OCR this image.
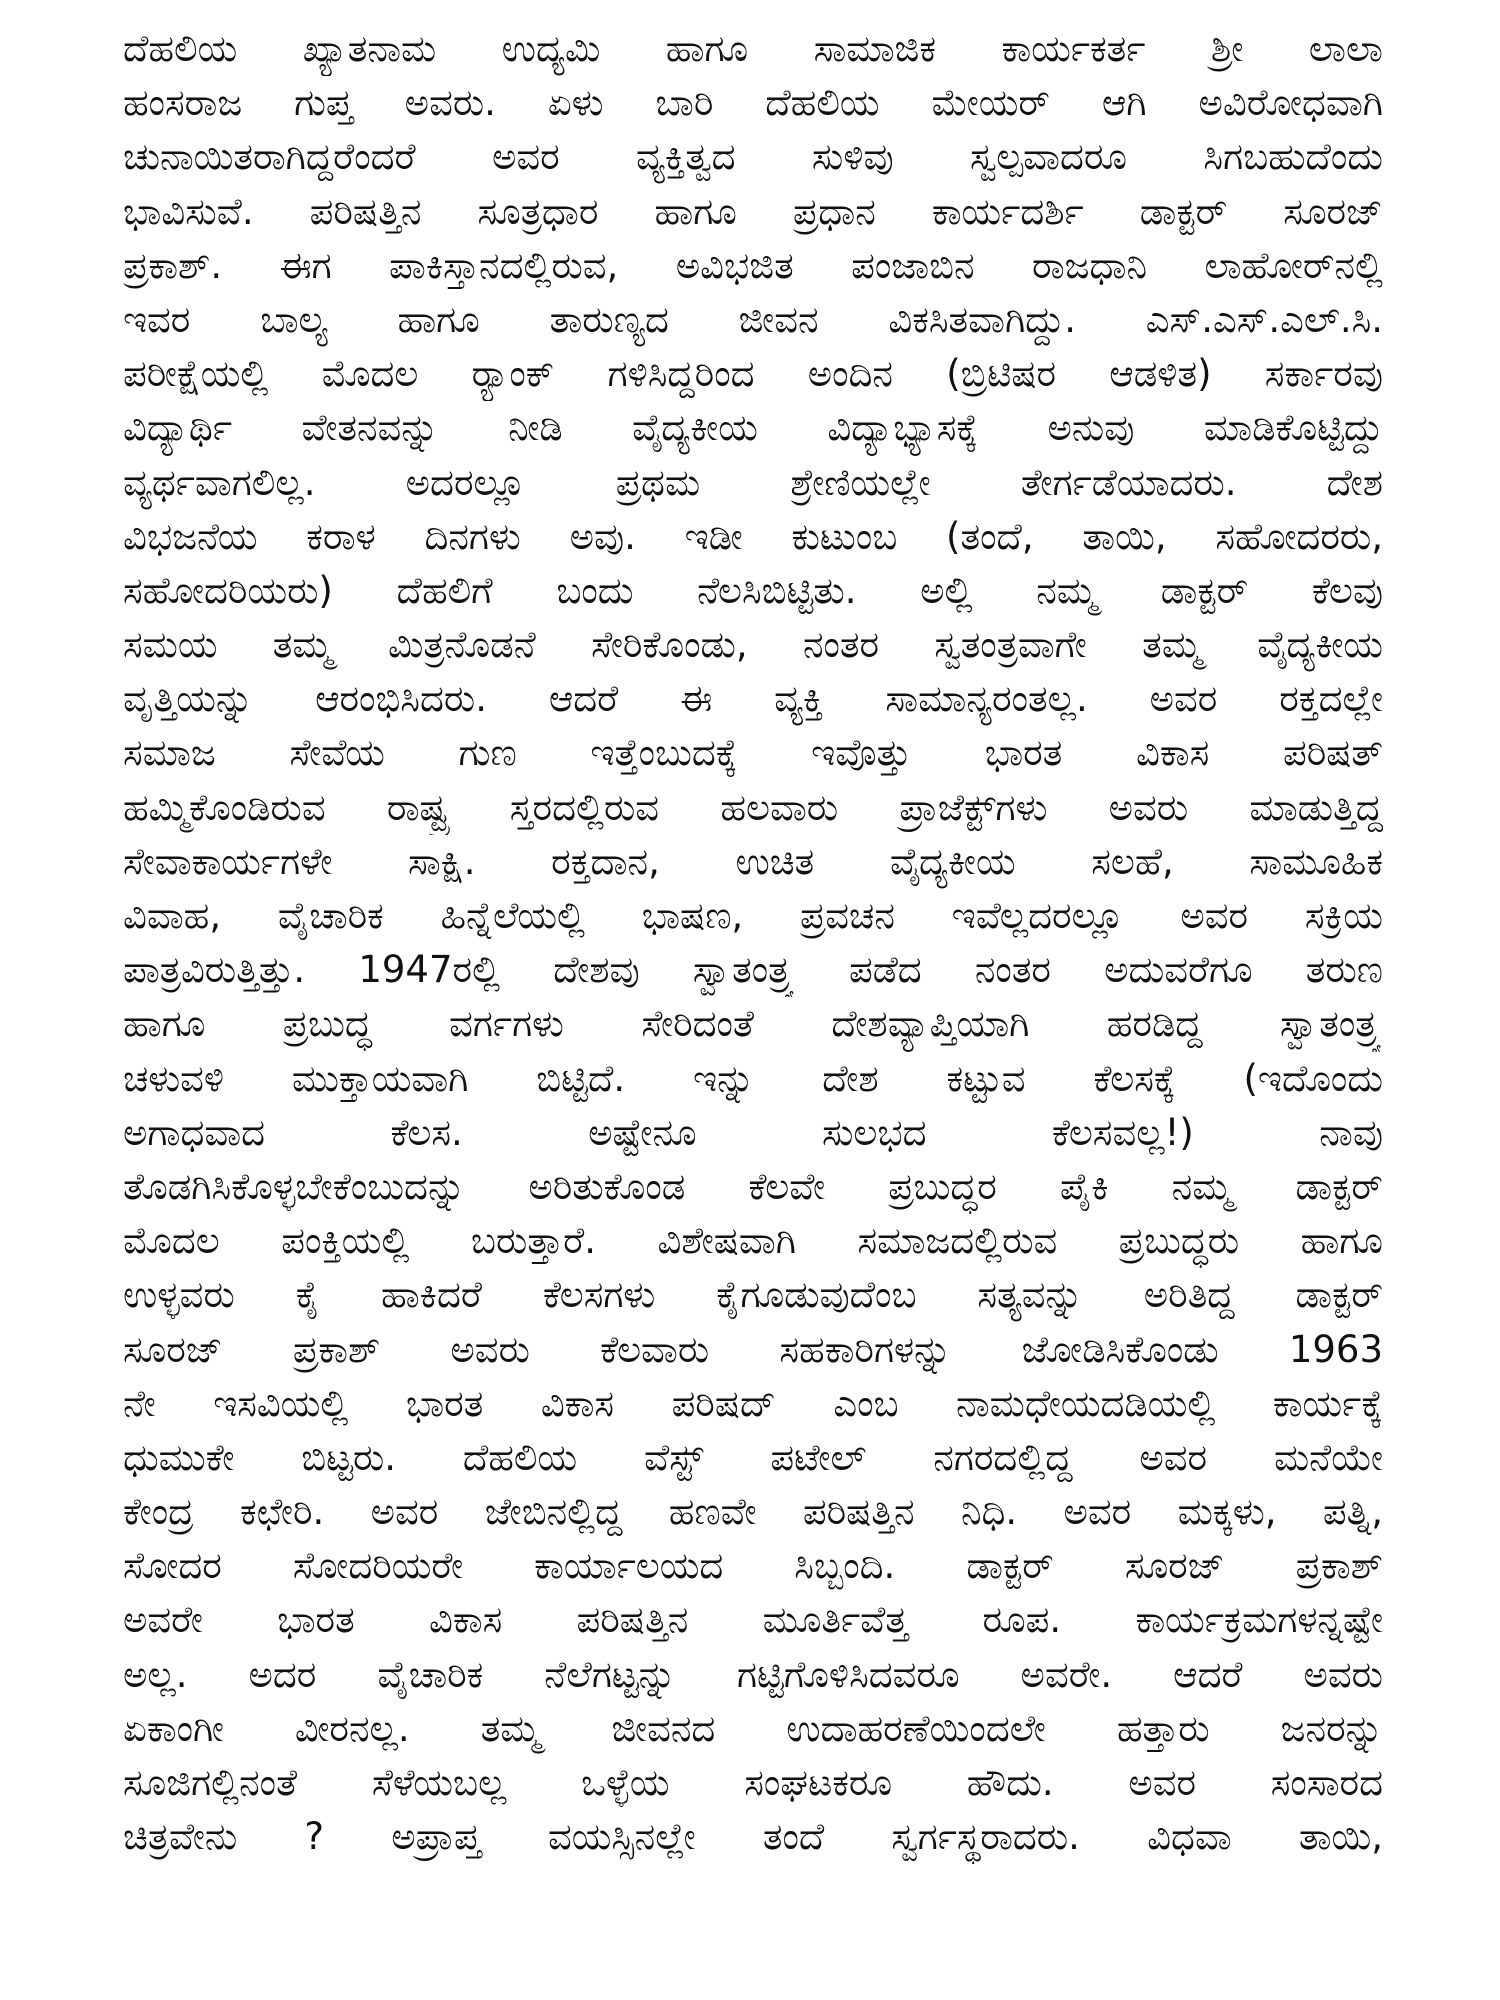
ದೆಹಲಿಯ ಖ್ಯಾತನಾಮ ಉದ್ಯಮಿ ಹಾಗೂ ಸಾಮಾಜಿಕ ಕಾರ್ಯಕರ್ತ ಶ್ರೀ ಲಾಲಾ
ಹಂಸರಾಜ ಗುಪ್ತ ಅವರು. ಏಳು ಬಾರಿ ದೆಹಲಿಯ ಮೇಯರ್ ಆಗಿ ಅವಿರೋಧವಾಗಿ
ಚುನಾಯಿತರಾಗಿದ್ದರೆಂದರೆ ಅವರ ವ್ಯಕ್ತಿತ್ವದ ಸುಳಿವು ಸ್ವಲ್ಪವಾದರೂ ಸಿಗಬಹುದೆಂದು
ಭಾವಿಸುವೆ. ಪರಿಷತ್ತಿನ ಸೂತ್ರಧಾರ ಹಾಗೂ ಪ್ರಧಾನ ಕಾರ್ಯದರ್ಶಿ ಡಾಕ್ಟರ್ ಸೂರಜ್
ಪ್ರಕಾಶ್. ಈಗ ಪಾಕಿಸ್ತಾನದಲ್ಲಿರುವ, ಅವಿಭಜಿತ ಪಂಜಾಬಿನ ರಾಜಧಾನಿ ಲಾಹೋರ್‌ನಲ್ಲಿ
ಇವರ ಬಾಲ್ಯ ಹಾಗೂ ತಾರುಣ್ಯದ ಜೀವನ ವಿಕಸಿತವಾಗಿದ್ದು. ಎಸ್.ಎಸ್.ಎಲ್.ಸಿ.
ಪರೀಕ್ಷೆಯಲ್ಲಿ ಮೊದಲ ರ‍್ಯಾಂಕ್ ಗಳಿಸಿದ್ದರಿಂದ ಅಂದಿನ (ಬ್ರಿಟಿಷರ ಆಡಳಿತ) ಸರ್ಕಾರವು
ವಿದ್ಯಾರ್ಥಿ ವೇತನವನ್ನು ನೀಡಿ ವೈದ್ಯಕೀಯ ವಿದ್ಯಾಭ್ಯಾಸಕ್ಕೆ ಅನುವು ಮಾಡಿಕೊಟ್ಟಿದ್ದು
ವ್ಯರ್ಥವಾಗಲಿಲ್ಲ. ಅದರಲ್ಲೂ ಪ್ರಥಮ ಶ್ರೇಣಿಯಲ್ಲೇ ತೇರ್ಗಡೆಯಾದರು. ದೇಶ
ವಿಭಜನೆಯ ಕರಾಳ ದಿನಗಳು ಅವು. ಇಡೀ ಕುಟುಂಬ (ತಂದೆ, ತಾಯಿ, ಸಹೋದರರು,
ಸಹೋದರಿಯರು) ದೆಹಲಿಗೆ ಬಂದು ನೆಲಸಿಬಿಟ್ಟಿತು. ಅಲ್ಲಿ ನಮ್ಮ ಡಾಕ್ಟರ್ ಕೆಲವು
ಸಮಯ ತಮ್ಮ ಮಿತ್ರನೊಡನೆ ಸೇರಿಕೊಂಡು, ನಂತರ ಸ್ವತಂತ್ರವಾಗೇ ತಮ್ಮ ವೈದ್ಯಕೀಯ
ವೃತ್ತಿಯನ್ನು ಆರಂಭಿಸಿದರು. ಆದರೆ ಈ ವ್ಯಕ್ತಿ ಸಾಮಾನ್ಯರಂತಲ್ಲ. ಅವರ ರಕ್ತದಲ್ಲೇ
ಸಮಾಜ ಸೇವೆಯ ಗುಣ ಇತ್ತೆಂಬುದಕ್ಕೆ ಇವೊತ್ತು ಭಾರತ ವಿಕಾಸ ಪರಿಷತ್
ಹಮ್ಮಿಕೊಂಡಿರುವ ರಾಷ್ಟ್ರ ಸ್ತರದಲ್ಲಿರುವ ಹಲವಾರು ಪ್ರಾಜೆಕ್ಟ್‌ಗಳು ಅವರು ಮಾಡುತ್ತಿದ್ದ
ಸೇವಾಕಾರ್ಯಗಳೇ ಸಾಕ್ಷಿ. ರಕ್ತದಾನ, ಉಚಿತ ವೈದ್ಯಕೀಯ ಸಲಹೆ, ಸಾಮೂಹಿಕ
ವಿವಾಹ, ವೈಚಾರಿಕ ಹಿನ್ನೆಲೆಯಲ್ಲಿ ಭಾಷಣ, ಪ್ರವಚನ ಇವೆಲ್ಲದರಲ್ಲೂ ಅವರ ಸಕ್ರಿಯ
ಪಾತ್ರವಿರುತ್ತಿತ್ತು. 1947ರಲ್ಲಿ ದೇಶವು ಸ್ವಾತಂತ್ರ್ಯ ಪಡೆದ ನಂತರ ಅದುವರೆಗೂ ತರುಣ
ಹಾಗೂ ಪ್ರಬುದ್ಧ ವರ್ಗಗಳು ಸೇರಿದಂತೆ ದೇಶವ್ಯಾಪ್ತಿಯಾಗಿ ಹರಡಿದ್ದ ಸ್ವಾತಂತ್ರ್ಯ
ಚಳುವಳಿ ಮುಕ್ತಾಯವಾಗಿ ಬಿಟ್ಟಿದೆ. ಇನ್ನು ದೇಶ ಕಟ್ಟುವ ಕೆಲಸಕ್ಕೆ (ಇದೊಂದು
ಅಗಾಧವಾದ ಕೆಲಸ. ಅಷ್ಟೇನೂ ಸುಲಭದ ಕೆಲಸವಲ್ಲ!) ನಾವು
ತೊಡಗಿಸಿಕೊಳ್ಳಬೇಕೆಂಬುದನ್ನು ಅರಿತುಕೊಂಡ ಕೆಲವೇ ಪ್ರಬುದ್ಧರ ಪೈಕಿ ನಮ್ಮ ಡಾಕ್ಟರ್
ಮೊದಲ ಪಂಕ್ತಿಯಲ್ಲಿ ಬರುತ್ತಾರೆ. ವಿಶೇಷವಾಗಿ ಸಮಾಜದಲ್ಲಿರುವ ಪ್ರಬುದ್ಧರು ಹಾಗೂ
ಉಳ್ಳವರು ಕೈ ಹಾಕಿದರೆ ಕೆಲಸಗಳು ಕೈಗೂಡುವುದೆಂಬ ಸತ್ಯವನ್ನು ಅರಿತಿದ್ದ ಡಾಕ್ಟರ್
ಸೂರಜ್ ಪ್ರಕಾಶ್ ಅವರು ಕೆಲವಾರು ಸಹಕಾರಿಗಳನ್ನು ಜೋಡಿಸಿಕೊಂಡು 1963
ನೇ ಇಸವಿಯಲ್ಲಿ ಭಾರತ ವಿಕಾಸ ಪರಿಷದ್ ಎಂಬ ನಾಮಧೇಯದಡಿಯಲ್ಲಿ ಕಾರ್ಯಕ್ಕೆ
ಧುಮುಕೇ ಬಿಟ್ಟರು. ದೆಹಲಿಯ ವೆಸ್ಟ್ ಪಟೇಲ್ ನಗರದಲ್ಲಿದ್ದ ಅವರ ಮನೆಯೇ
ಕೇಂದ್ರ ಕಛೇರಿ. ಅವರ ಜೇಬಿನಲ್ಲಿದ್ದ ಹಣವೇ ಪರಿಷತ್ತಿನ ನಿಧಿ. ಅವರ ಮಕ್ಕಳು, ಪತ್ನಿ,
ಸೋದರ ಸೋದರಿಯರೇ ಕಾರ್ಯಾಲಯದ ಸಿಬ್ಬಂದಿ. ಡಾಕ್ಟರ್ ಸೂರಜ್ ಪ್ರಕಾಶ್
ಅವರೇ ಭಾರತ ವಿಕಾಸ ಪರಿಷತ್ತಿನ ಮೂರ್ತಿವೆತ್ತ ರೂಪ. ಕಾರ್ಯಕ್ರಮಗಳನ್ನಷ್ಟೇ
ಅಲ್ಲ. ಅದರ ವೈಚಾರಿಕ ನೆಲೆಗಟ್ಟನ್ನು ಗಟ್ಟಿಗೊಳಿಸಿದವರೂ ಅವರೇ. ಆದರೆ ಅವರು
ಏಕಾಂಗೀ ವೀರನಲ್ಲ. ತಮ್ಮ ಜೀವನದ ಉದಾಹರಣೆಯಿಂದಲೇ ಹತ್ತಾರು ಜನರನ್ನು
ಸೂಜಿಗಲ್ಲಿನಂತೆ ಸೆಳೆಯಬಲ್ಲ ಒಳ್ಳೆಯ ಸಂಘಟಕರೂ ಹೌದು. ಅವರ ಸಂಸಾರದ
ಚಿತ್ರವೇನು ? ಅಪ್ರಾಪ್ತ ವಯಸ್ಸಿನಲ್ಲೇ ತಂದೆ ಸ್ವರ್ಗಸ್ಥರಾದರು. ವಿಧವಾ ತಾಯಿ,
